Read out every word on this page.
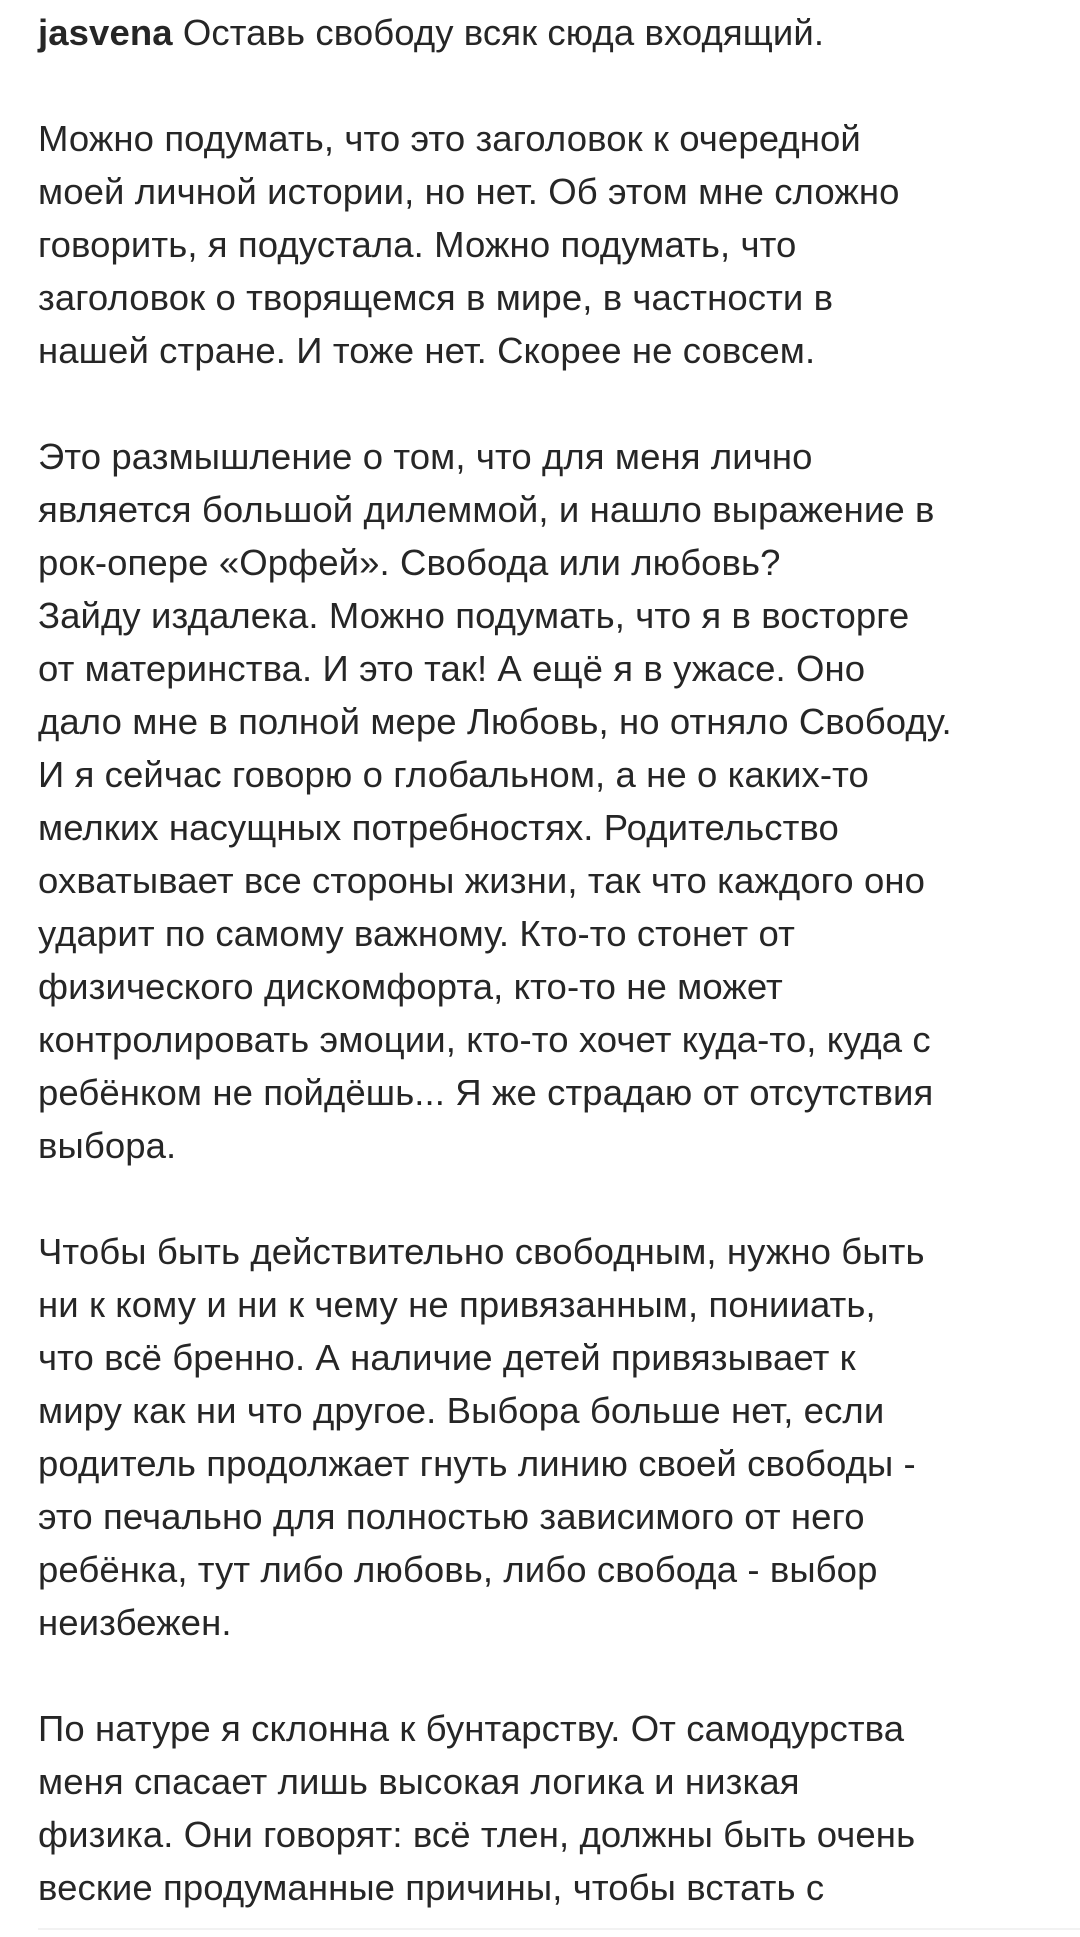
jasvena Оставь свободу всяк сюда входящий.

Можно подумать, что это заголовок к очередной
моей личной истории, но нет. Об этом мне сложно
говорить, я подустала. Можно подумать, что
заголовок о творящемся в мире, в частности в
нашей стране. И тоже нет. Скорее не совсем.

Это размышление о том, что для меня лично
является большой дилеммой, и нашло выражение в
рок-опере «Орфей». Свобода или любовь?
Зайду издалека. Можно подумать, что я в восторге
от материнства. И это так! А ещё я в ужасе. Оно
дало мне в полной мере Любовь, но отняло Свободу.
И я сейчас говорю о глобальном, а не о каких-то
мелких насущных потребностях. Родительство
охватывает все стороны жизни, так что каждого оно
ударит по самому важному. Кто-то стонет от
физического дискомфорта, кто-то не может
контролировать эмоции, кто-то хочет куда-то, куда с
ребёнком не пойдёшь... Я же страдаю от отсутствия
выбора.

Чтобы быть действительно свободным, нужно быть
ни к кому и ни к чему не привязанным, понииать,
что всё бренно. А наличие детей привязывает к
миру как ни что другое. Выбора больше нет, если
родитель продолжает гнуть линию своей свободы -
это печально для полностью зависимого от него
ребёнка, тут либо любовь, либо свобода - выбор
неизбежен.

По натуре я склонна к бунтарству. От самодурства
меня спасает лишь высокая логика и низкая
физика. Они говорят: всё тлен, должны быть очень
веские продуманные причины, чтобы встать с
